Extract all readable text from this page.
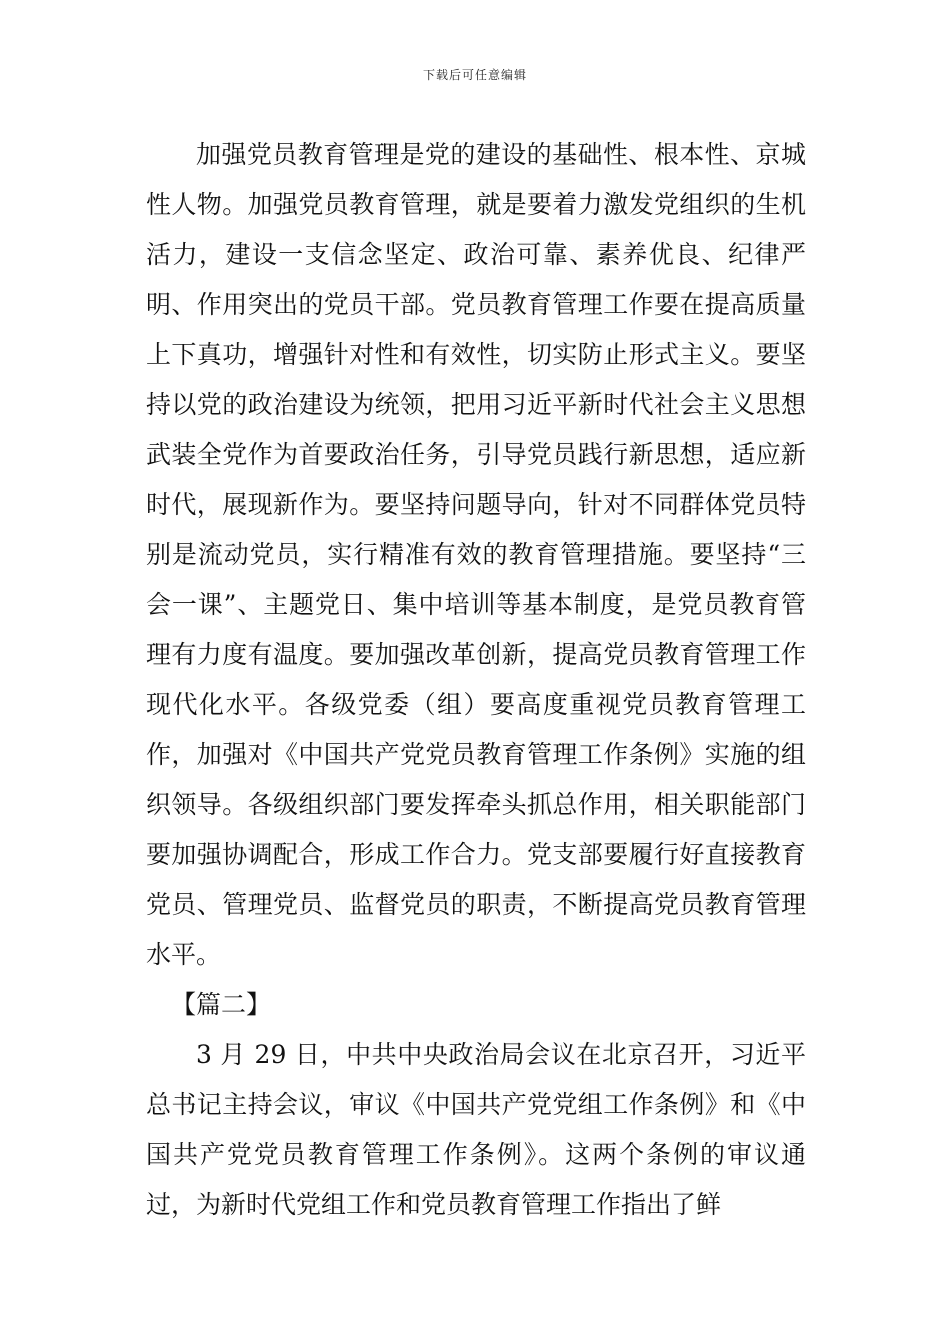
下载后可任意编辑

加强党员教育管理是党的建设的基础性、根本性、京城性人物。加强党员教育管理，就是要着力激发党组织的生机活力，建设一支信念坚定、政治可靠、素养优良、纪律严明、作用突出的党员干部。党员教育管理工作要在提高质量上下真功，增强针对性和有效性，切实防止形式主义。要坚持以党的政治建设为统领，把用习近平新时代社会主义思想武装全党作为首要政治任务，引导党员践行新思想，适应新时代，展现新作为。要坚持问题导向，针对不同群体党员特别是流动党员，实行精准有效的教育管理措施。要坚持“三会一课”、主题党日、集中培训等基本制度，是党员教育管理有力度有温度。要加强改革创新，提高党员教育管理工作现代化水平。各级党委（组）要高度重视党员教育管理工作，加强对《中国共产党党员教育管理工作条例》实施的组织领导。各级组织部门要发挥牵头抓总作用，相关职能部门要加强协调配合，形成工作合力。党支部要履行好直接教育党员、管理党员、监督党员的职责，不断提高党员教育管理水平。

【篇二】

3 月 29 日，中共中央政治局会议在北京召开，习近平总书记主持会议，审议《中国共产党党组工作条例》和《中国共产党党员教育管理工作条例》。这两个条例的审议通过，为新时代党组工作和党员教育管理工作指出了鲜
